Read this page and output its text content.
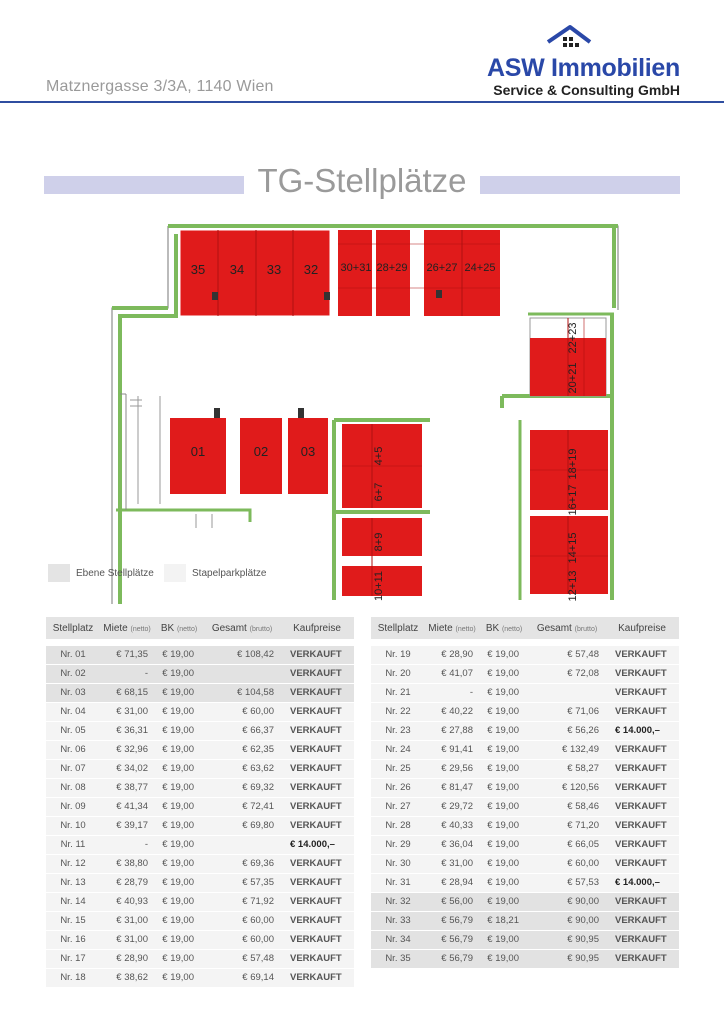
Matznergasse 3/3A, 1140 Wien
ASW Immobilien
Service & Consulting GmbH
TG-Stellplätze
35 34 33 32 30+31 28+29 26+27 24+25
22+23
20+21
18+19
16+17
14+15
12+13
4+5
6+7
8+9
10+11
01	02	03
Ebene Stellplätze	Stapelparkplätze
Stellplatz	Miete (netto)	BK (netto)	Gesamt (brutto)	Kaufpreise

Nr. 01	€ 71,35	€ 19,00	€ 108,42	VERKAUFT
Nr. 02	-	€ 19,00		VERKAUFT
Nr. 03	€ 68,15	€ 19,00	€ 104,58	VERKAUFT
Nr. 04	€ 31,00	€ 19,00	€ 60,00	VERKAUFT
Nr. 05	€ 36,31	€ 19,00	€ 66,37	VERKAUFT
Nr. 06	€ 32,96	€ 19,00	€ 62,35	VERKAUFT
Nr. 07	€ 34,02	€ 19,00	€ 63,62	VERKAUFT
Nr. 08	€ 38,77	€ 19,00	€ 69,32	VERKAUFT
Nr. 09	€ 41,34	€ 19,00	€ 72,41	VERKAUFT
Nr. 10	€ 39,17	€ 19,00	€ 69,80	VERKAUFT
Nr. 11	-	€ 19,00		€ 14.000,–
Nr. 12	€ 38,80	€ 19,00	€ 69,36	VERKAUFT
Nr. 13	€ 28,79	€ 19,00	€ 57,35	VERKAUFT
Nr. 14	€ 40,93	€ 19,00	€ 71,92	VERKAUFT
Nr. 15	€ 31,00	€ 19,00	€ 60,00	VERKAUFT
Nr. 16	€ 31,00	€ 19,00	€ 60,00	VERKAUFT
Nr. 17	€ 28,90	€ 19,00	€ 57,48	VERKAUFT
Nr. 18	€ 38,62	€ 19,00	€ 69,14	VERKAUFT
Stellplatz	Miete (netto)	BK (netto)	Gesamt (brutto)	Kaufpreise

Nr. 19	€ 28,90	€ 19,00	€ 57,48	VERKAUFT
Nr. 20	€ 41,07	€ 19,00	€ 72,08	VERKAUFT
Nr. 21	-	€ 19,00		VERKAUFT
Nr. 22	€ 40,22	€ 19,00	€ 71,06	VERKAUFT
Nr. 23	€ 27,88	€ 19,00	€ 56,26	€ 14.000,–
Nr. 24	€ 91,41	€ 19,00	€ 132,49	VERKAUFT
Nr. 25	€ 29,56	€ 19,00	€ 58,27	VERKAUFT
Nr. 26	€ 81,47	€ 19,00	€ 120,56	VERKAUFT
Nr. 27	€ 29,72	€ 19,00	€ 58,46	VERKAUFT
Nr. 28	€ 40,33	€ 19,00	€ 71,20	VERKAUFT
Nr. 29	€ 36,04	€ 19,00	€ 66,05	VERKAUFT
Nr. 30	€ 31,00	€ 19,00	€ 60,00	VERKAUFT
Nr. 31	€ 28,94	€ 19,00	€ 57,53	€ 14.000,–
Nr. 32	€ 56,00	€ 19,00	€ 90,00	VERKAUFT
Nr. 33	€ 56,79	€ 18,21	€ 90,00	VERKAUFT
Nr. 34	€ 56,79	€ 19,00	€ 90,95	VERKAUFT
Nr. 35	€ 56,79	€ 19,00	€ 90,95	VERKAUFT
